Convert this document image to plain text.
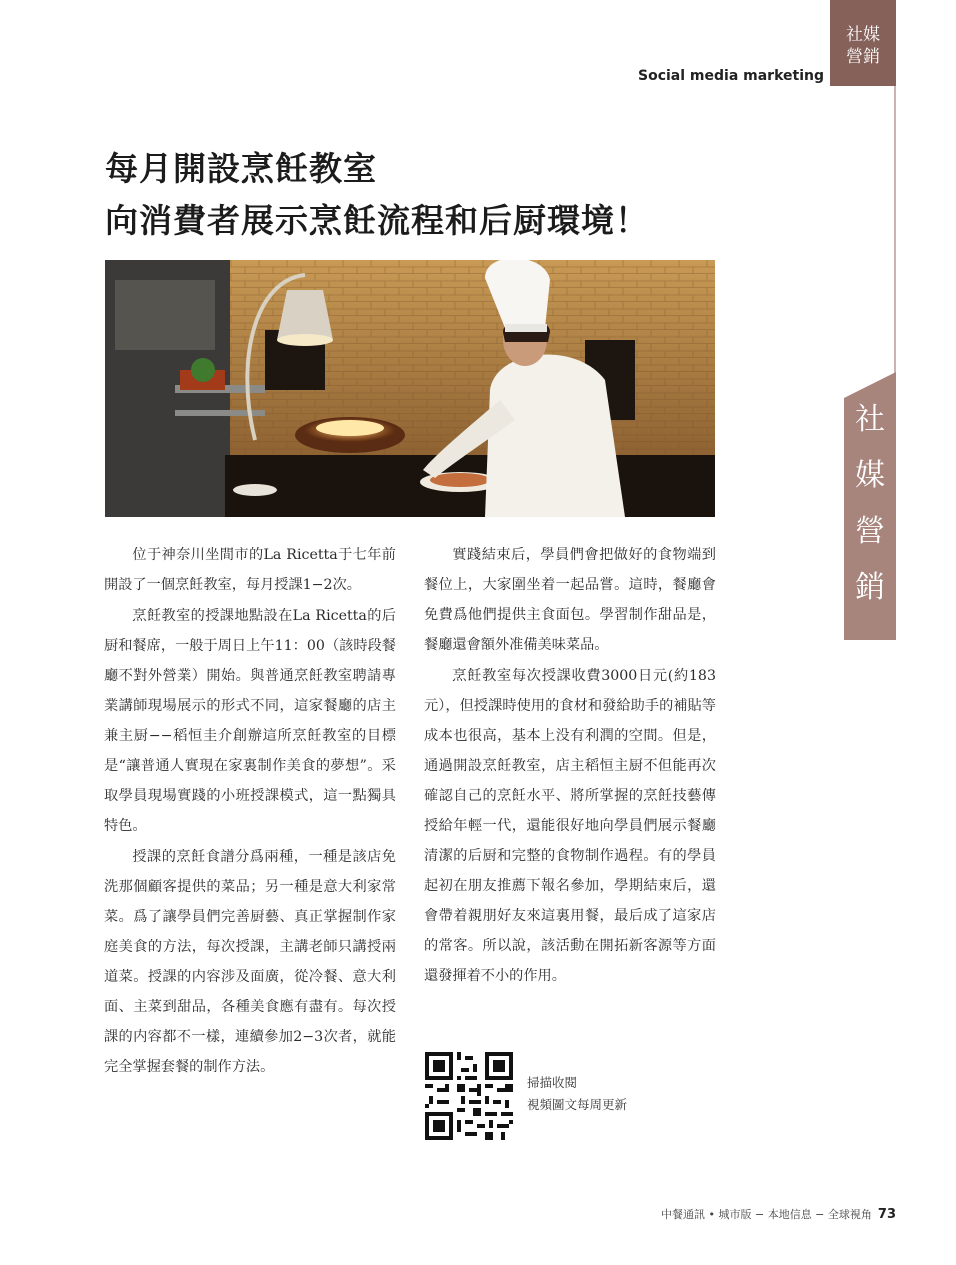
Social media marketing
社媒
營銷
社
媒
營
銷
每月開設烹飪教室
向消費者展示烹飪流程和后厨環境！

位于神奈川坐間市的La Ricetta于七年前開設了一個烹飪教室，每月授課1−2次。

烹飪教室的授課地點設在La Ricetta的后厨和餐席，一般于周日上午11：00（該時段餐廳不對外營業）開始。與普通烹飪教室聘請專業講師現場展示的形式不同，這家餐廳的店主兼主厨−−稻恒圭介創辦這所烹飪教室的目標是“讓普通人實現在家裏制作美食的夢想”。采取學員現場實踐的小班授課模式，這一點獨具特色。

授課的烹飪食譜分爲兩種，一種是該店免洗那個顧客提供的菜品；另一種是意大利家常菜。爲了讓學員們完善厨藝、真正掌握制作家庭美食的方法，每次授課，主講老師只講授兩道菜。授課的内容涉及面廣，從冷餐、意大利面、主菜到甜品，各種美食應有盡有。每次授課的内容都不一樣，連續參加2−3次者，就能完全掌握套餐的制作方法。

實踐結束后，學員們會把做好的食物端到餐位上，大家圍坐着一起品嘗。這時，餐廳會免費爲他們提供主食面包。學習制作甜品是，餐廳還會額外准備美味菜品。

烹飪教室每次授課收費3000日元(約183元），但授課時使用的食材和發給助手的補貼等成本也很高，基本上没有利潤的空間。但是，通過開設烹飪教室，店主稻恒主厨不但能再次確認自己的烹飪水平、將所掌握的烹飪技藝傳授給年輕一代，還能很好地向學員們展示餐廳清潔的后厨和完整的食物制作過程。有的學員起初在朋友推薦下報名參加，學期結束后，還會帶着親朋好友來這裏用餐，最后成了這家店的常客。所以說，該活動在開拓新客源等方面還發揮着不小的作用。

掃描收閱
視頻圖文每周更新
中餐通訊 • 城市版 − 本地信息 − 全球視角 73
